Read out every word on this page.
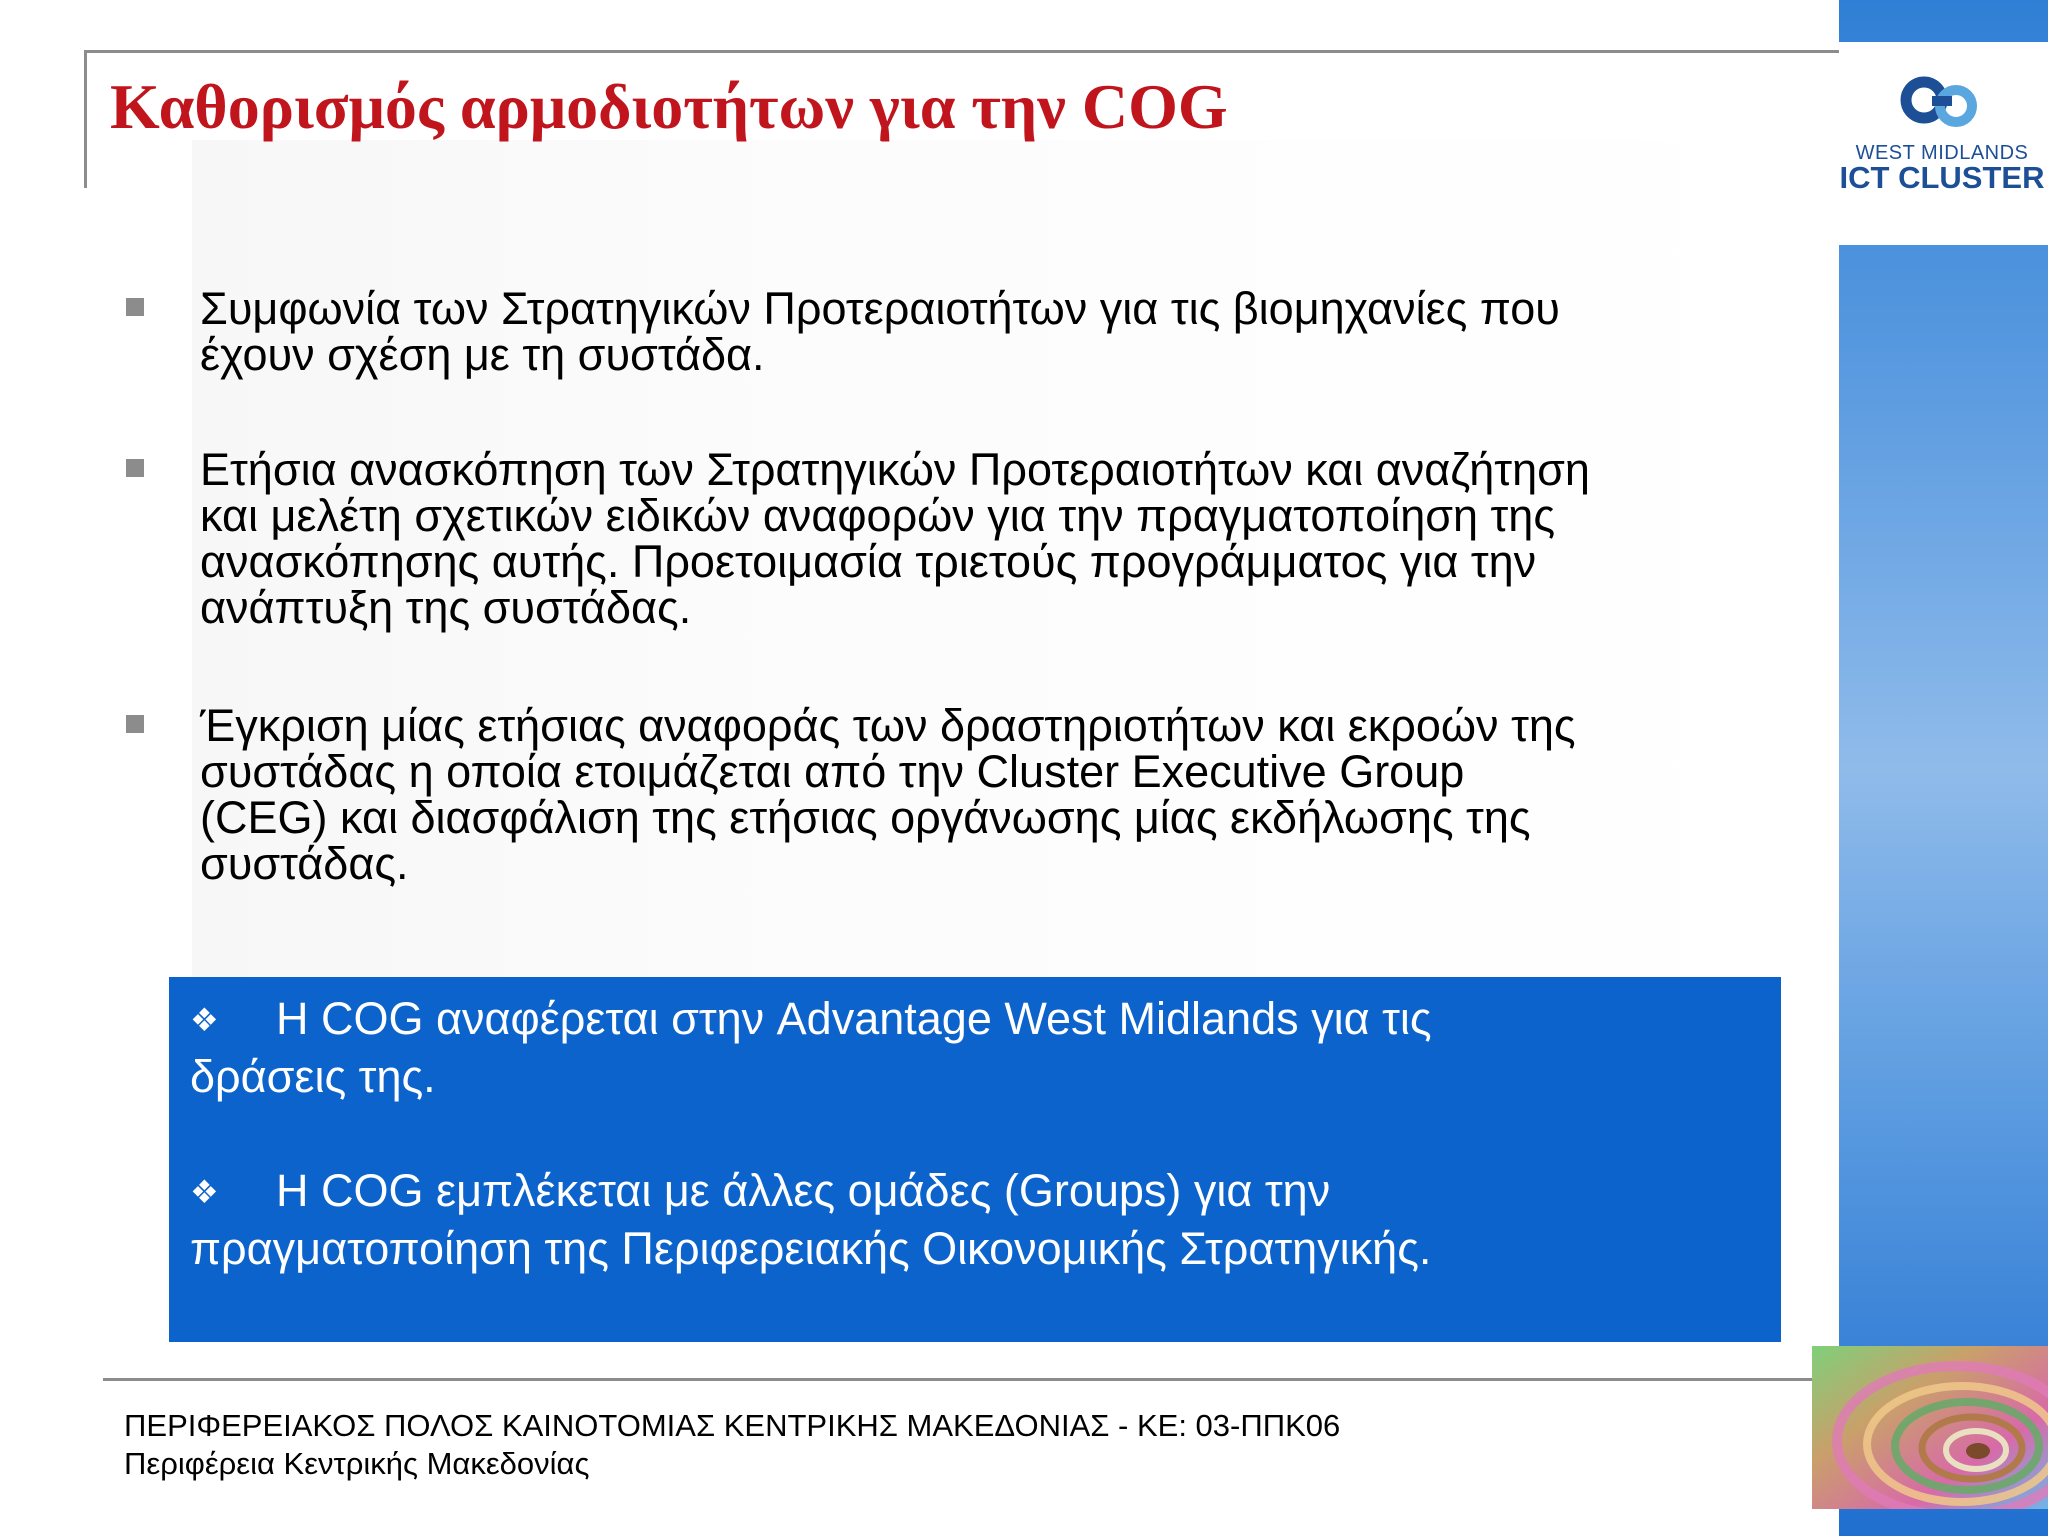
WEST MIDLANDS
ICT CLUSTER
Καθορισμός αρμοδιοτήτων για την COG
Συμφωνία των Στρατηγικών Προτεραιοτήτων για τις βιομηχανίες που
έχουν σχέση με τη συστάδα.
Ετήσια ανασκόπηση των Στρατηγικών Προτεραιοτήτων και αναζήτηση
και μελέτη σχετικών ειδικών αναφορών για την πραγματοποίηση της
ανασκόπησης αυτής. Προετοιμασία τριετούς προγράμματος για την
ανάπτυξη της συστάδας.
Έγκριση μίας ετήσιας αναφοράς των δραστηριοτήτων και εκροών της
συστάδας η οποία ετοιμάζεται από την Cluster Executive Group
(CEG) και διασφάλιση της ετήσιας οργάνωσης μίας εκδήλωσης της
συστάδας.
❖ Η COG αναφέρεται στην Advantage West Midlands για τις
δράσεις της.
❖ Η COG εμπλέκεται με άλλες ομάδες (Groups) για την
πραγματοποίηση της Περιφερειακής Οικονομικής Στρατηγικής.
ΠΕΡΙΦΕΡΕΙΑΚΟΣ ΠΟΛΟΣ ΚΑΙΝΟΤΟΜΙΑΣ ΚΕΝΤΡΙΚΗΣ ΜΑΚΕΔΟΝΙΑΣ - ΚΕ: 03-ΠΠΚ06
Περιφέρεια Κεντρικής Μακεδονίας
